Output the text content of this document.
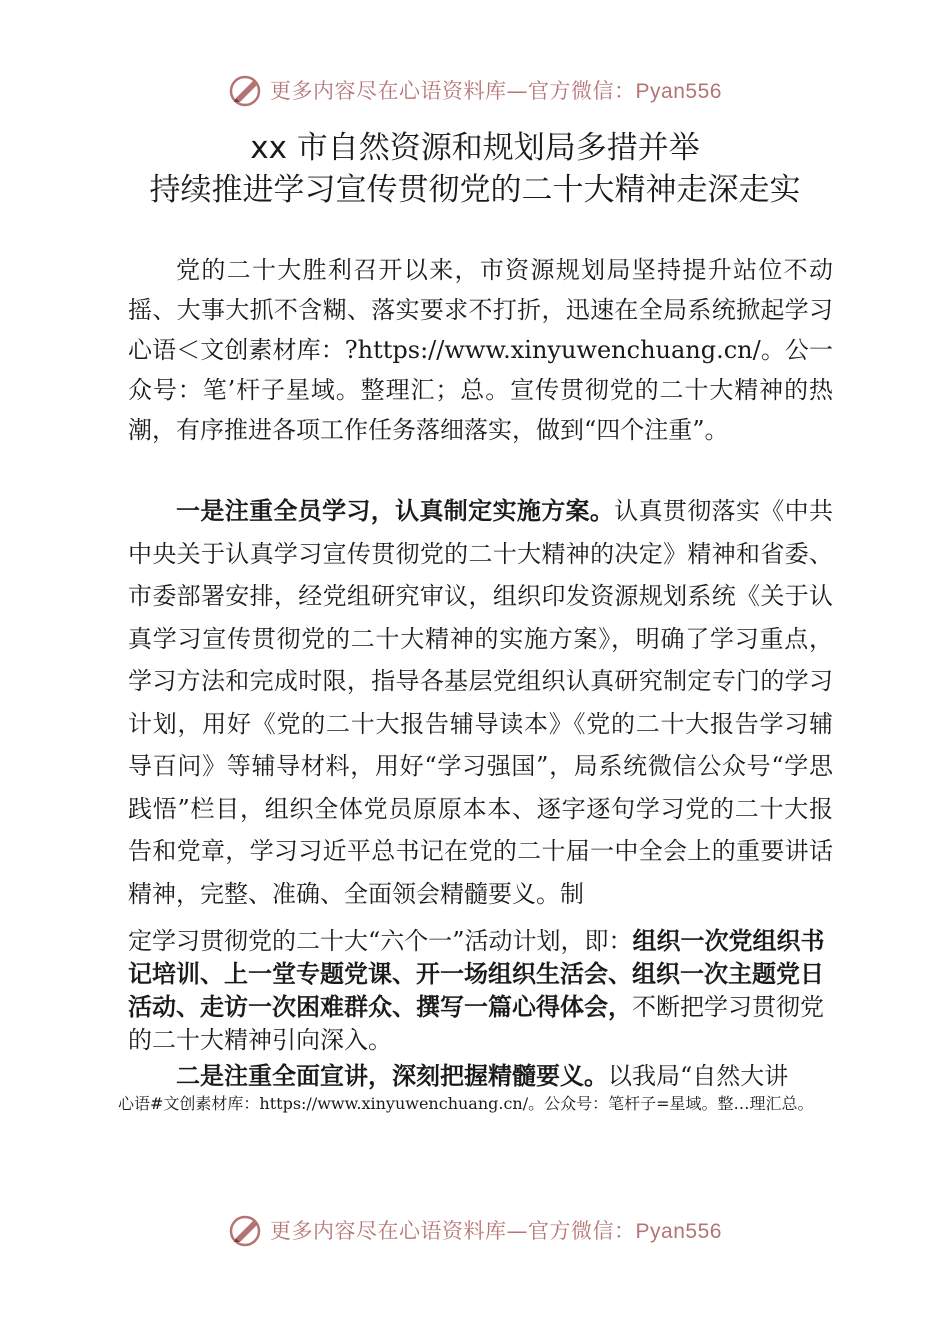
更多内容尽在心语资料库—官方微信：Pyan556
xx 市自然资源和规划局多措并举
持续推进学习宣传贯彻党的二十大精神走深走实
党的二十大胜利召开以来，市资源规划局坚持提升站位不动摇、大事大抓不含糊、落实要求不打折，迅速在全局系统掀起学习心语＜文创素材库：?https://www.xinyuwenchuang.cn/。公一众号：笔’杆子星域。整理汇；总。宣传贯彻党的二十大精神的热潮，有序推进各项工作任务落细落实，做到“四个注重”。
一是注重全员学习，认真制定实施方案。认真贯彻落实《中共中央关于认真学习宣传贯彻党的二十大精神的决定》精神和省委、市委部署安排，经党组研究审议，组织印发资源规划系统《关于认真学习宣传贯彻党的二十大精神的实施方案》，明确了学习重点，学习方法和完成时限，指导各基层党组织认真研究制定专门的学习计划，用好《党的二十大报告辅导读本》《党的二十大报告学习辅导百问》等辅导材料，用好“学习强国”，局系统微信公众号“学思践悟”栏目，组织全体党员原原本本、逐字逐句学习党的二十大报告和党章，学习习近平总书记在党的二十届一中全会上的重要讲话精神，完整、准确、全面领会精髓要义。制
定学习贯彻党的二十大“六个一”活动计划，即：组织一次党组织书记培训、上一堂专题党课、开一场组织生活会、组织一次主题党日活动、走访一次困难群众、撰写一篇心得体会，不断把学习贯彻党的二十大精神引向深入。
二是注重全面宣讲，深刻把握精髓要义。以我局“自然大讲
心语#文创素材库：https://www.xinyuwenchuang.cn/。公众号：笔杆子=星域。整…理汇总。
更多内容尽在心语资料库—官方微信：Pyan556
